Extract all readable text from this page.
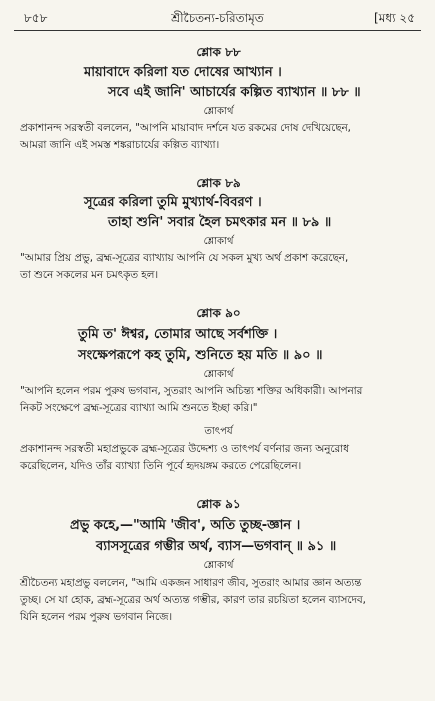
৮৫৮	শ্রীচৈতন্য-চরিতামৃত	[মধ্য ২৫
শ্লোক ৮৮
মায়াবাদে করিলা যত দোষের আখ্যান ।
সবে এই জানি' আচার্যের কল্পিত ব্যাখ্যান ॥ ৮৮ ॥
শ্লোকার্থ
প্রকাশানন্দ সরস্বতী বললেন, "আপনি মায়াবাদ দর্শনে যত রকমের দোষ দেখিয়েছেন,
আমরা জানি এই সমস্ত শঙ্করাচার্যের কল্পিত ব্যাখ্যা।
শ্লোক ৮৯
সূত্রের করিলা তুমি মুখ্যার্থ-বিবরণ ।
তাহা শুনি' সবার হৈল চমৎকার মন ॥ ৮৯ ॥
শ্লোকার্থ
"আমার প্রিয় প্রভু, ব্রহ্ম-সূত্রের ব্যাখ্যায় আপনি যে সকল মুখ্য অর্থ প্রকাশ করেছেন,
তা শুনে সকলের মন চমৎকৃত হল।
শ্লোক ৯০
তুমি ত' ঈশ্বর, তোমার আছে সর্বশক্তি ।
সংক্ষেপরূপে কহ তুমি, শুনিতে হয় মতি ॥ ৯০ ॥
শ্লোকার্থ
"আপনি হলেন পরম পুরুষ ভগবান, সুতরাং আপনি অচিন্ত্য শক্তির অধিকারী। আপনার
নিকট সংক্ষেপে ব্রহ্ম-সূত্রের ব্যাখ্যা আমি শুনতে ইচ্ছা করি।"
তাৎপর্য
প্রকাশানন্দ সরস্বতী মহাপ্রভুকে ব্রহ্ম-সূত্রের উদ্দেশ্য ও তাৎপর্য বর্ণনার জন্য অনুরোধ
করেছিলেন, যদিও তাঁর ব্যাখ্যা তিনি পূর্বে হৃদয়ঙ্গম করতে পেরেছিলেন।
শ্লোক ৯১
প্রভু কহে,—"আমি 'জীব', অতি তুচ্ছ-জ্ঞান ।
ব্যাসসূত্রের গম্ভীর অর্থ, ব্যাস—ভগবান্ ॥ ৯১ ॥
শ্লোকার্থ
শ্রীচৈতন্য মহাপ্রভু বললেন, "আমি একজন সাধারণ জীব, সুতরাং আমার জ্ঞান অত্যন্ত
তুচ্ছ। সে যা হোক, ব্রহ্ম-সূত্রের অর্থ অত্যন্ত গম্ভীর, কারণ তার রচয়িতা হলেন ব্যাসদেব,
যিনি হলেন পরম পুরুষ ভগবান নিজে।
